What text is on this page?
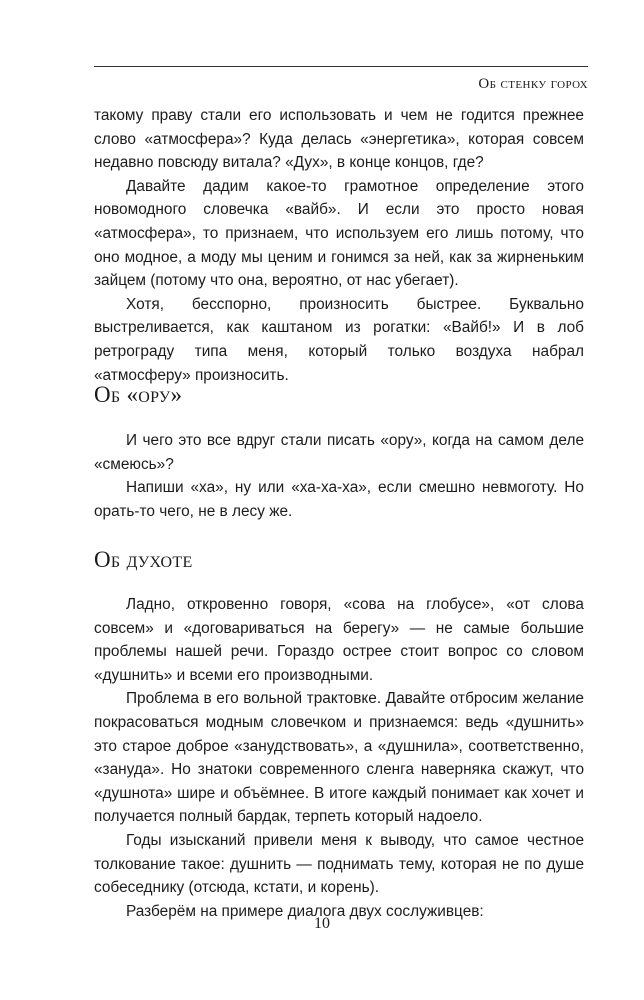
Об стенку горох

такому праву стали его использовать и чем не годится прежнее слово «атмосфера»? Куда делась «энергетика», которая совсем недавно повсюду витала? «Дух», в конце концов, где?

Давайте дадим какое-то грамотное определение этого новомодного словечка «вайб». И если это просто новая «атмосфера», то признаем, что используем его лишь потому, что оно модное, а моду мы ценим и гонимся за ней, как за жирненьким зайцем (потому что она, вероятно, от нас убегает).

Хотя, бесспорно, произносить быстрее. Буквально выстреливается, как каштаном из рогатки: «Вайб!» И в лоб ретрограду типа меня, который только воздуха набрал «атмосферу» произносить.

Об «ору»

И чего это все вдруг стали писать «ору», когда на самом деле «смеюсь»?

Напиши «ха», ну или «ха-ха-ха», если смешно невмоготу. Но орать-то чего, не в лесу же.

Об духоте

Ладно, откровенно говоря, «сова на глобусе», «от слова совсем» и «договариваться на берегу» — не самые большие проблемы нашей речи. Гораздо острее стоит вопрос со словом «душнить» и всеми его производными.

Проблема в его вольной трактовке. Давайте отбросим желание покрасоваться модным словечком и признаемся: ведь «душнить» это старое доброе «занудствовать», а «душнила», соответственно, «зануда». Но знатоки современного сленга наверняка скажут, что «душнота» шире и объёмнее. В итоге каждый понимает как хочет и получается полный бардак, терпеть который надоело.

Годы изысканий привели меня к выводу, что самое честное толкование такое: душнить — поднимать тему, которая не по душе собеседнику (отсюда, кстати, и корень).

Разберём на примере диалога двух сослуживцев:

10
